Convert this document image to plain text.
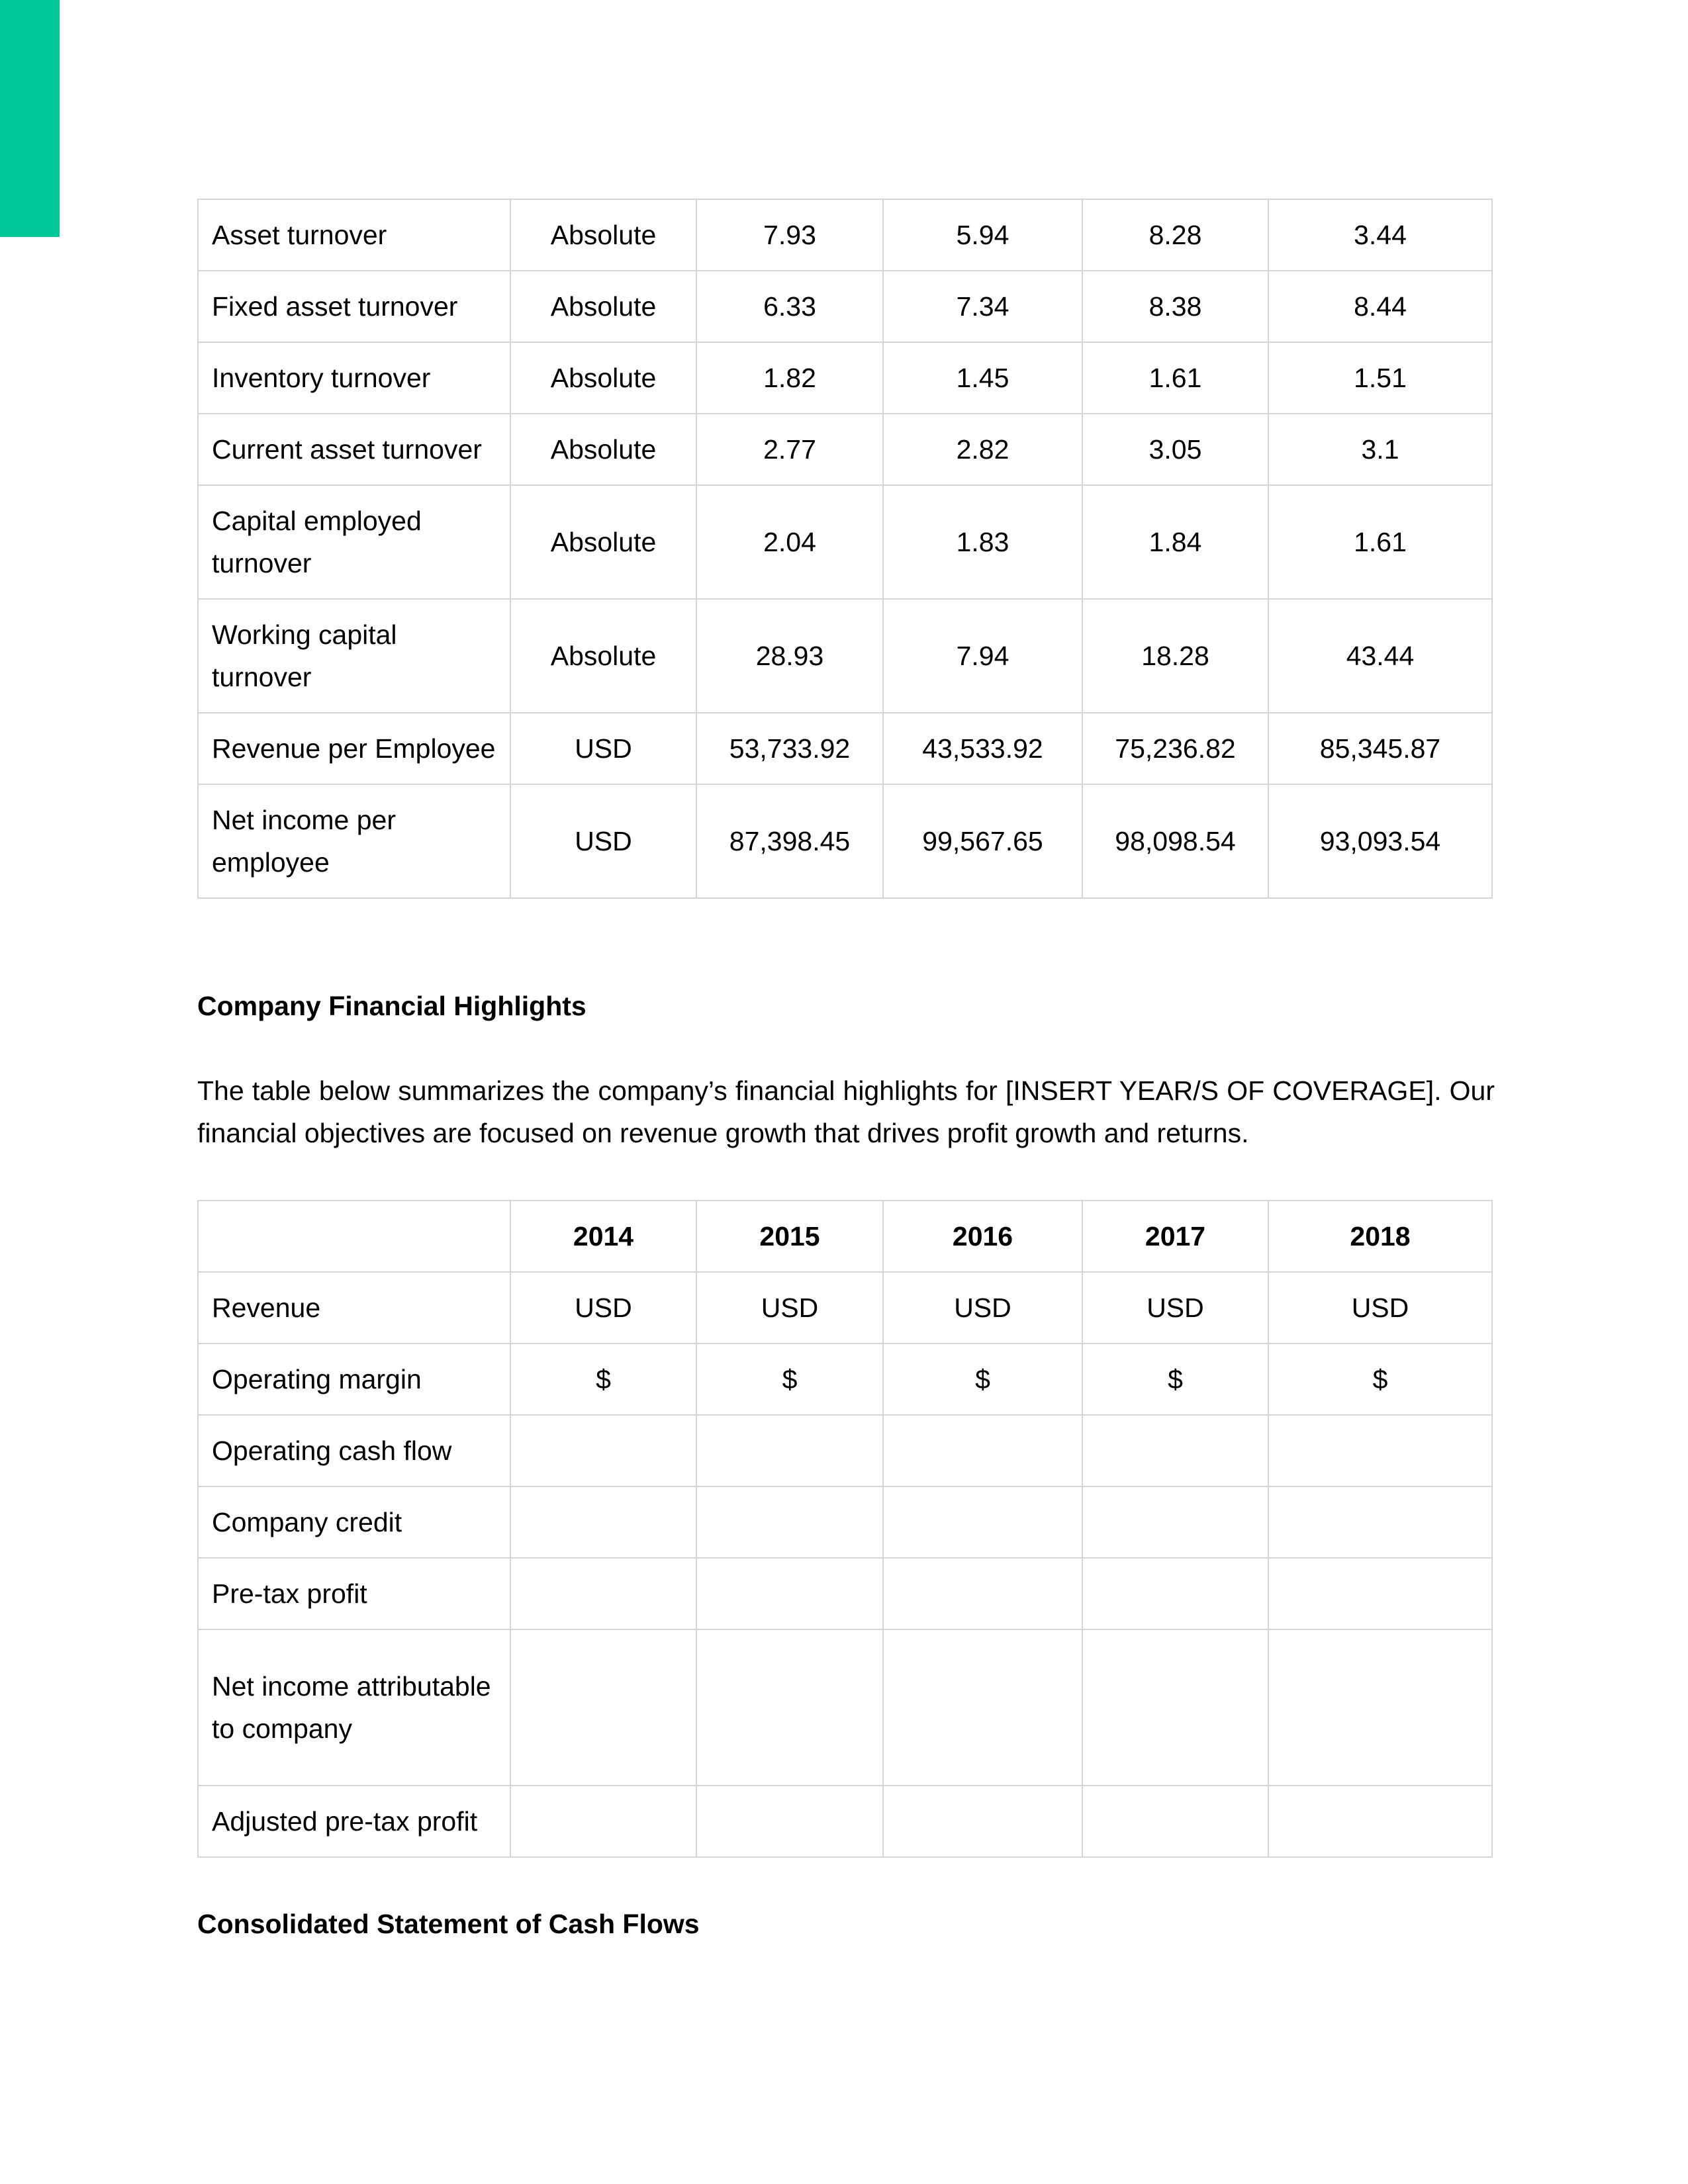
Asset turnover	Absolute	7.93	5.94	8.28	3.44
Fixed asset turnover	Absolute	6.33	7.34	8.38	8.44
Inventory turnover	Absolute	1.82	1.45	1.61	1.51
Current asset turnover	Absolute	2.77	2.82	3.05	3.1
Capital employed turnover	Absolute	2.04	1.83	1.84	1.61
Working capital turnover	Absolute	28.93	7.94	18.28	43.44
Revenue per Employee	USD	53,733.92	43,533.92	75,236.82	85,345.87
Net income per employee	USD	87,398.45	99,567.65	98,098.54	93,093.54
Company Financial Highlights

The table below summarizes the company’s financial highlights for [INSERT YEAR/S OF COVERAGE]. Our financial objectives are focused on revenue growth that drives profit growth and returns.

	2014	2015	2016	2017	2018
Revenue	USD	USD	USD	USD	USD
Operating margin	$	$	$	$	$
Operating cash flow					
Company credit					
Pre-tax profit					
Net income attributable to company					
Adjusted pre-tax profit					
Consolidated Statement of Cash Flows
